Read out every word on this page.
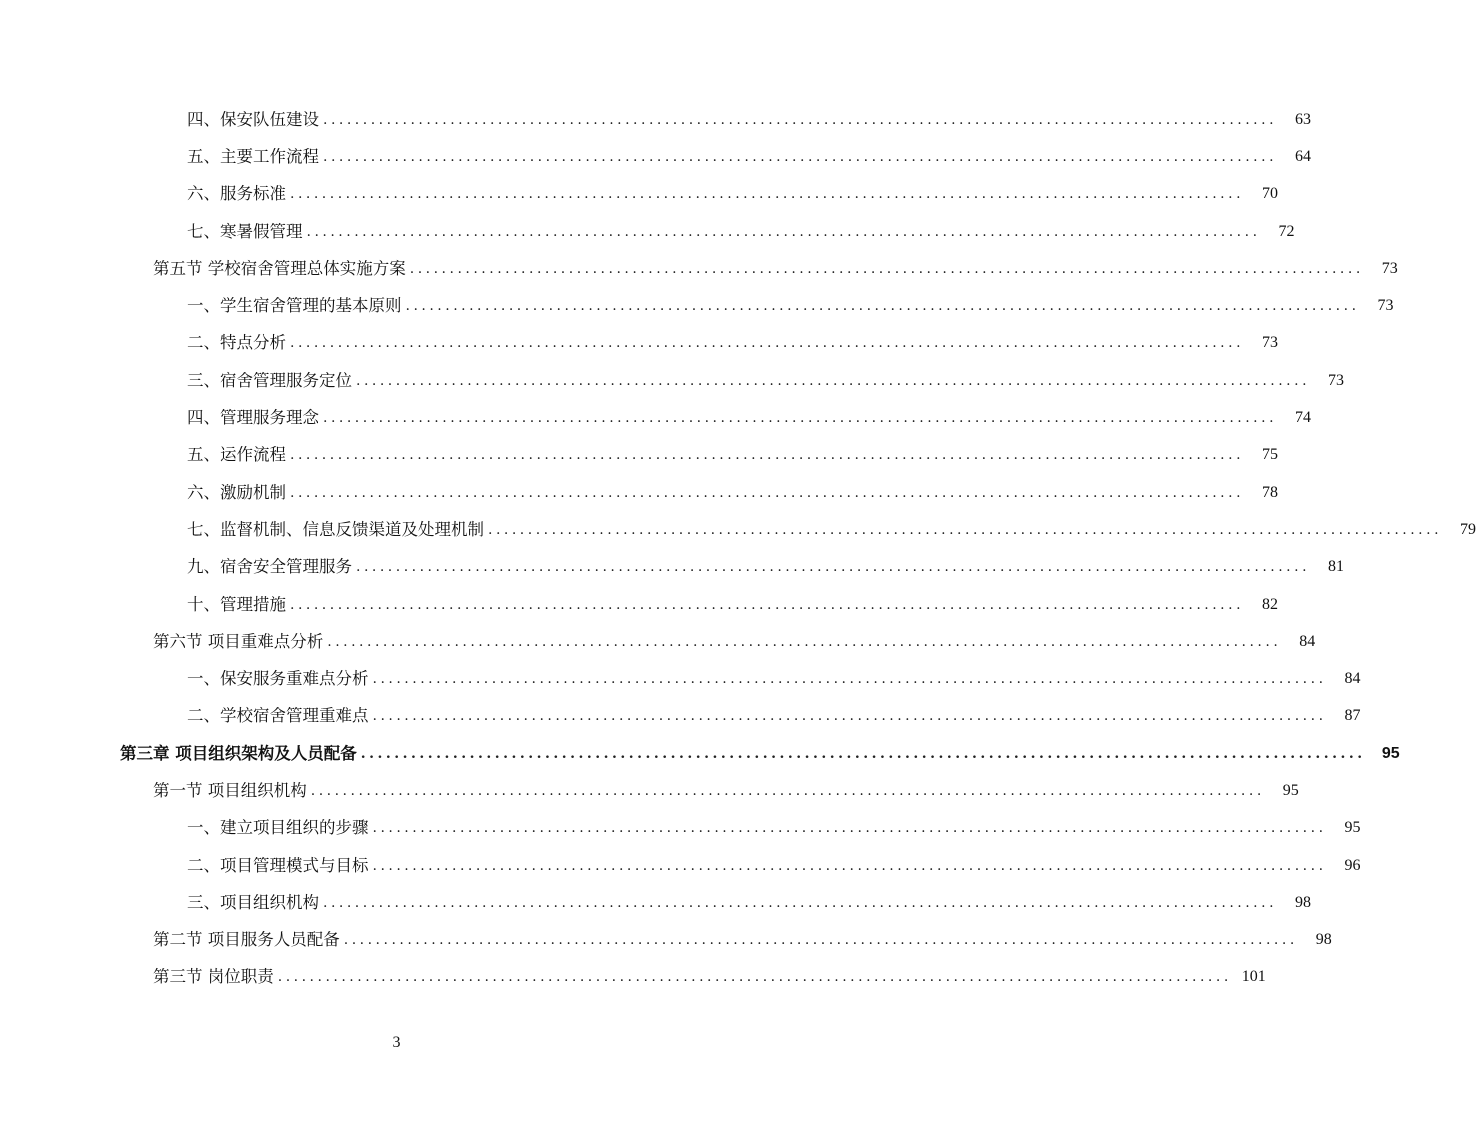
四、保安队伍建设 ........................................................................................................................	63
五、主要工作流程 ........................................................................................................................	64
六、服务标准 ........................................................................................................................	70
七、寒暑假管理 ........................................................................................................................	72
第五节 学校宿舍管理总体实施方案 ........................................................................................................................	73
一、学生宿舍管理的基本原则 ........................................................................................................................	73
二、特点分析 ........................................................................................................................	73
三、宿舍管理服务定位 ........................................................................................................................	73
四、管理服务理念 ........................................................................................................................	74
五、运作流程 ........................................................................................................................	75
六、激励机制 ........................................................................................................................	78
七、监督机制、信息反馈渠道及处理机制 ........................................................................................................................	79
九、宿舍安全管理服务 ........................................................................................................................	81
十、管理措施 ........................................................................................................................	82
第六节 项目重难点分析 ........................................................................................................................	84
一、保安服务重难点分析 ........................................................................................................................	84
二、学校宿舍管理重难点 ........................................................................................................................	87
第三章 项目组织架构及人员配备 ........................................................................................................................	95
第一节 项目组织机构 ........................................................................................................................	95
一、建立项目组织的步骤 ........................................................................................................................	95
二、项目管理模式与目标 ........................................................................................................................	96
三、项目组织机构 ........................................................................................................................	98
第二节 项目服务人员配备 ........................................................................................................................	98
第三节 岗位职责 ........................................................................................................................ 101
3
